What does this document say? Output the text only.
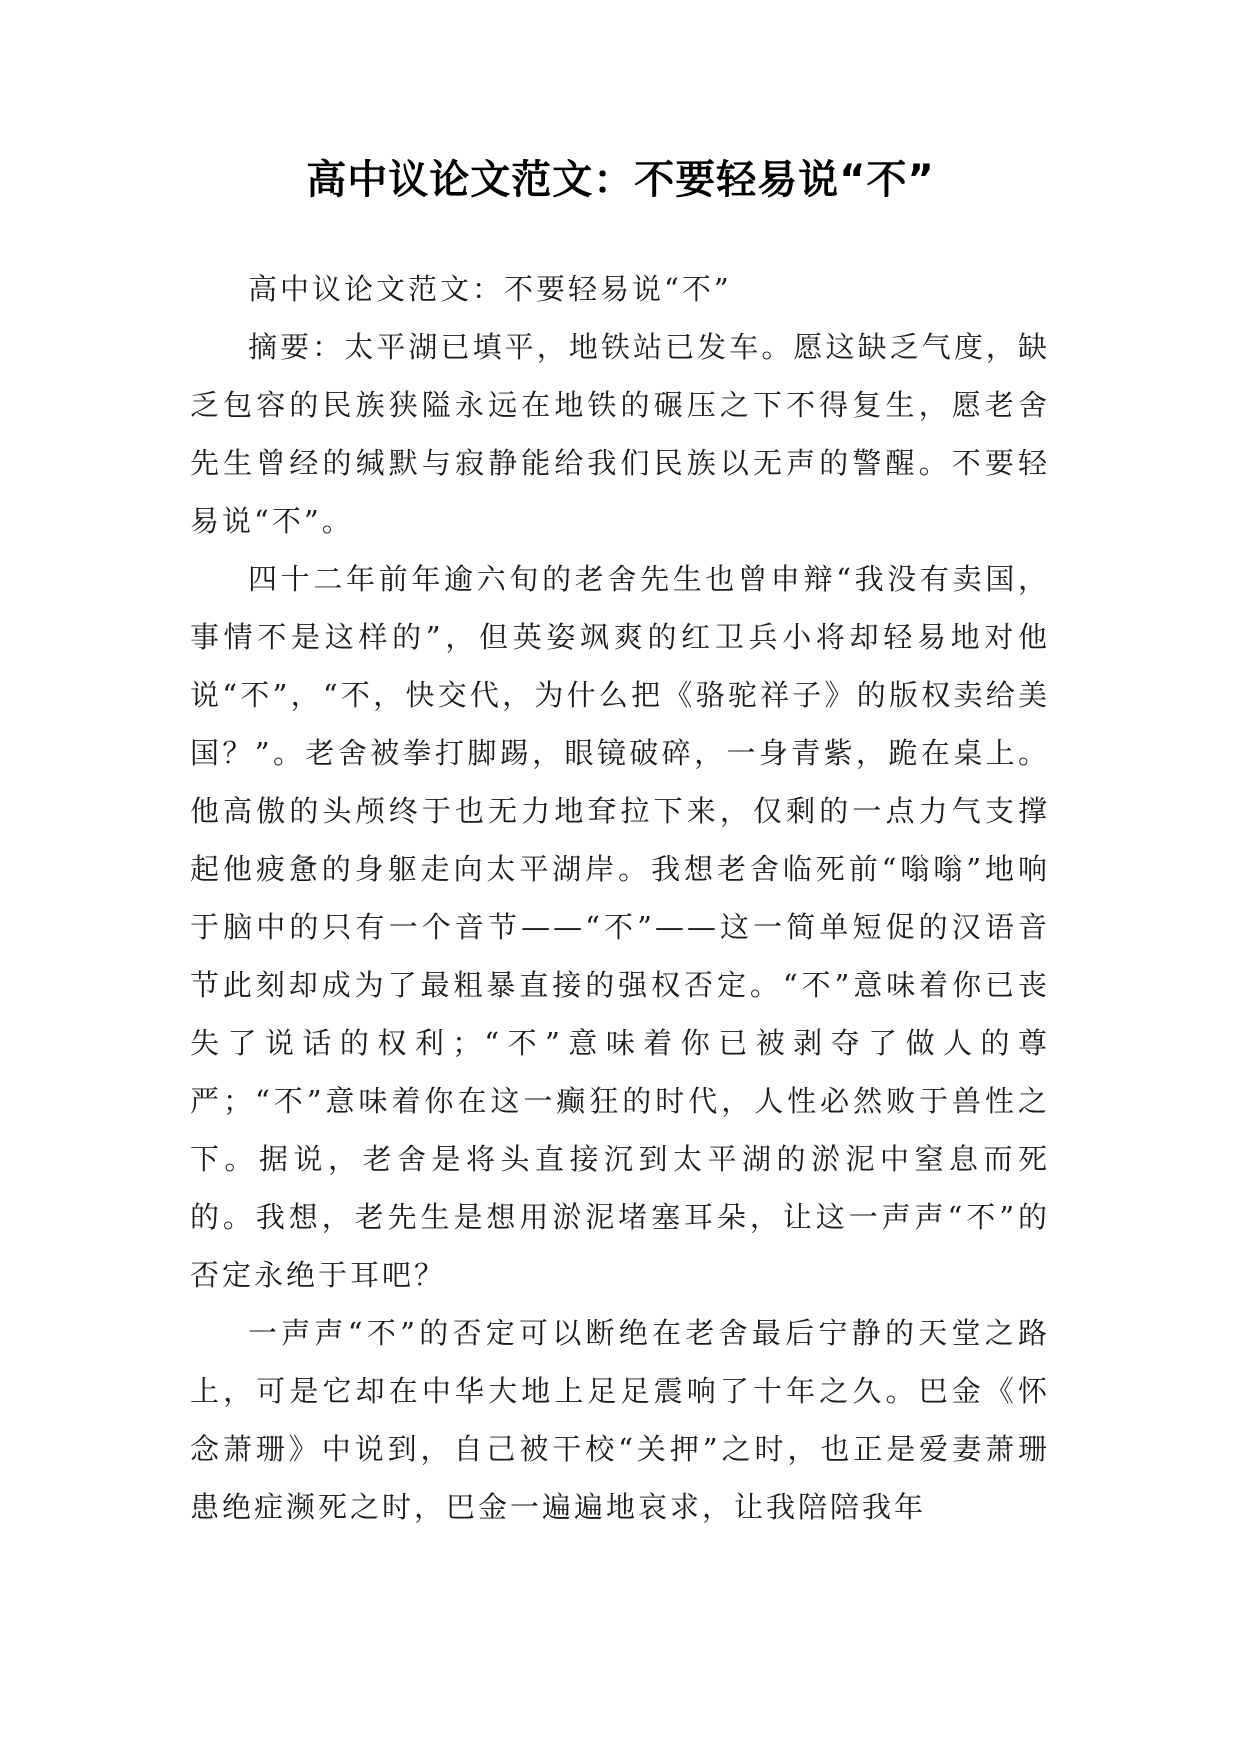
高中议论文范文：不要轻易说“不”

高中议论文范文：不要轻易说“不”

摘要：太平湖已填平，地铁站已发车。愿这缺乏气度，缺乏包容的民族狭隘永远在地铁的碾压之下不得复生，愿老舍先生曾经的缄默与寂静能给我们民族以无声的警醒。不要轻易说“不”。

四十二年前年逾六旬的老舍先生也曾申辩“我没有卖国，事情不是这样的”，但英姿飒爽的红卫兵小将却轻易地对他说“不”，“不，快交代，为什么把《骆驼祥子》的版权卖给美国？”。老舍被拳打脚踢，眼镜破碎，一身青紫，跪在桌上。他高傲的头颅终于也无力地耷拉下来，仅剩的一点力气支撑起他疲惫的身躯走向太平湖岸。我想老舍临死前“嗡嗡”地响于脑中的只有一个音节——“不”——这一简单短促的汉语音节此刻却成为了最粗暴直接的强权否定。“不”意味着你已丧失了说话的权利；“不”意味着你已被剥夺了做人的尊严；“不”意味着你在这一癫狂的时代，人性必然败于兽性之下。据说，老舍是将头直接沉到太平湖的淤泥中窒息而死的。我想，老先生是想用淤泥堵塞耳朵，让这一声声“不”的否定永绝于耳吧？

一声声“不”的否定可以断绝在老舍最后宁静的天堂之路上，可是它却在中华大地上足足震响了十年之久。巴金《怀念萧珊》中说到，自己被干校“关押”之时，也正是爱妻萧珊患绝症濒死之时，巴金一遍遍地哀求，让我陪陪我年
